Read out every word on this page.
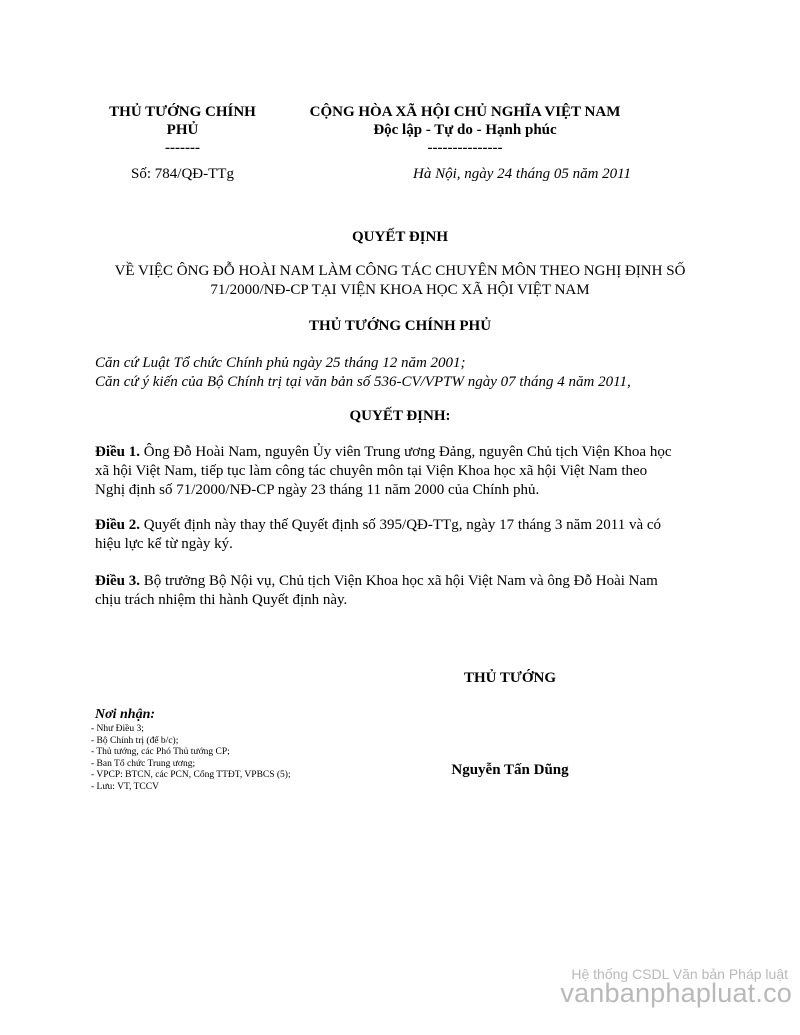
THỦ TƯỚNG CHÍNH
PHỦ
-------
CỘNG HÒA XÃ HỘI CHỦ NGHĨA VIỆT NAM
Độc lập - Tự do - Hạnh phúc
---------------
Số: 784/QĐ-TTg	Hà Nội, ngày 24 tháng 05 năm 2011
QUYẾT ĐỊNH
VỀ VIỆC ÔNG ĐỖ HOÀI NAM LÀM CÔNG TÁC CHUYÊN MÔN THEO NGHỊ ĐỊNH SỐ
71/2000/NĐ-CP TẠI VIỆN KHOA HỌC XÃ HỘI VIỆT NAM
THỦ TƯỚNG CHÍNH PHỦ
Căn cứ Luật Tổ chức Chính phủ ngày 25 tháng 12 năm 2001;
Căn cứ ý kiến của Bộ Chính trị tại văn bản số 536-CV/VPTW ngày 07 tháng 4 năm 2011,
QUYẾT ĐỊNH:
Điều 1. Ông Đỗ Hoài Nam, nguyên Ủy viên Trung ương Đảng, nguyên Chủ tịch Viện Khoa học
xã hội Việt Nam, tiếp tục làm công tác chuyên môn tại Viện Khoa học xã hội Việt Nam theo
Nghị định số 71/2000/NĐ-CP ngày 23 tháng 11 năm 2000 của Chính phủ.
Điều 2. Quyết định này thay thế Quyết định số 395/QĐ-TTg, ngày 17 tháng 3 năm 2011 và có
hiệu lực kể từ ngày ký.
Điều 3. Bộ trưởng Bộ Nội vụ, Chủ tịch Viện Khoa học xã hội Việt Nam và ông Đỗ Hoài Nam
chịu trách nhiệm thi hành Quyết định này.
THỦ TƯỚNG
Nguyễn Tấn Dũng
Nơi nhận:
- Như Điều 3;
- Bộ Chính trị (để b/c);
- Thủ tướng, các Phó Thủ tướng CP;
- Ban Tổ chức Trung ương;
- VPCP: BTCN, các PCN, Cổng TTĐT, VPBCS (5);
- Lưu: VT, TCCV
Hệ thống CSDL Văn bản Pháp luật
vanbanphapluat.co
